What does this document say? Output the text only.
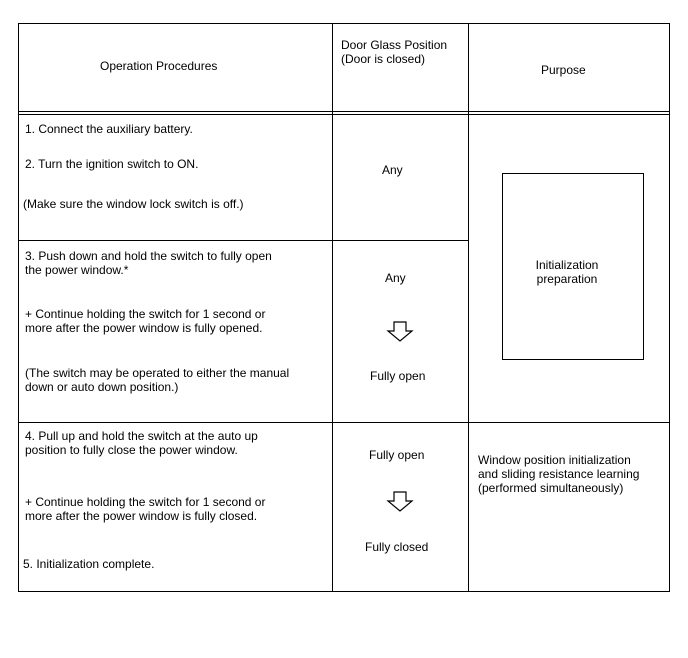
Operation Procedures
Door Glass Position
(Door is closed)
Purpose
1. Connect the auxiliary battery.
2. Turn the ignition switch to ON.
(Make sure the window lock switch is off.)
Any
3. Push down and hold the switch to fully open
the power window.*
+ Continue holding the switch for 1 second or
more after the power window is fully opened.
(The switch may be operated to either the manual
down or auto down position.)
Any
Fully open
4. Pull up and hold the switch at the auto up
position to fully close the power window.
+ Continue holding the switch for 1 second or
more after the power window is fully closed.
5. Initialization complete.
Fully open
Fully closed
Initialization
preparation
Window position initialization
and sliding resistance learning
(performed simultaneously)
